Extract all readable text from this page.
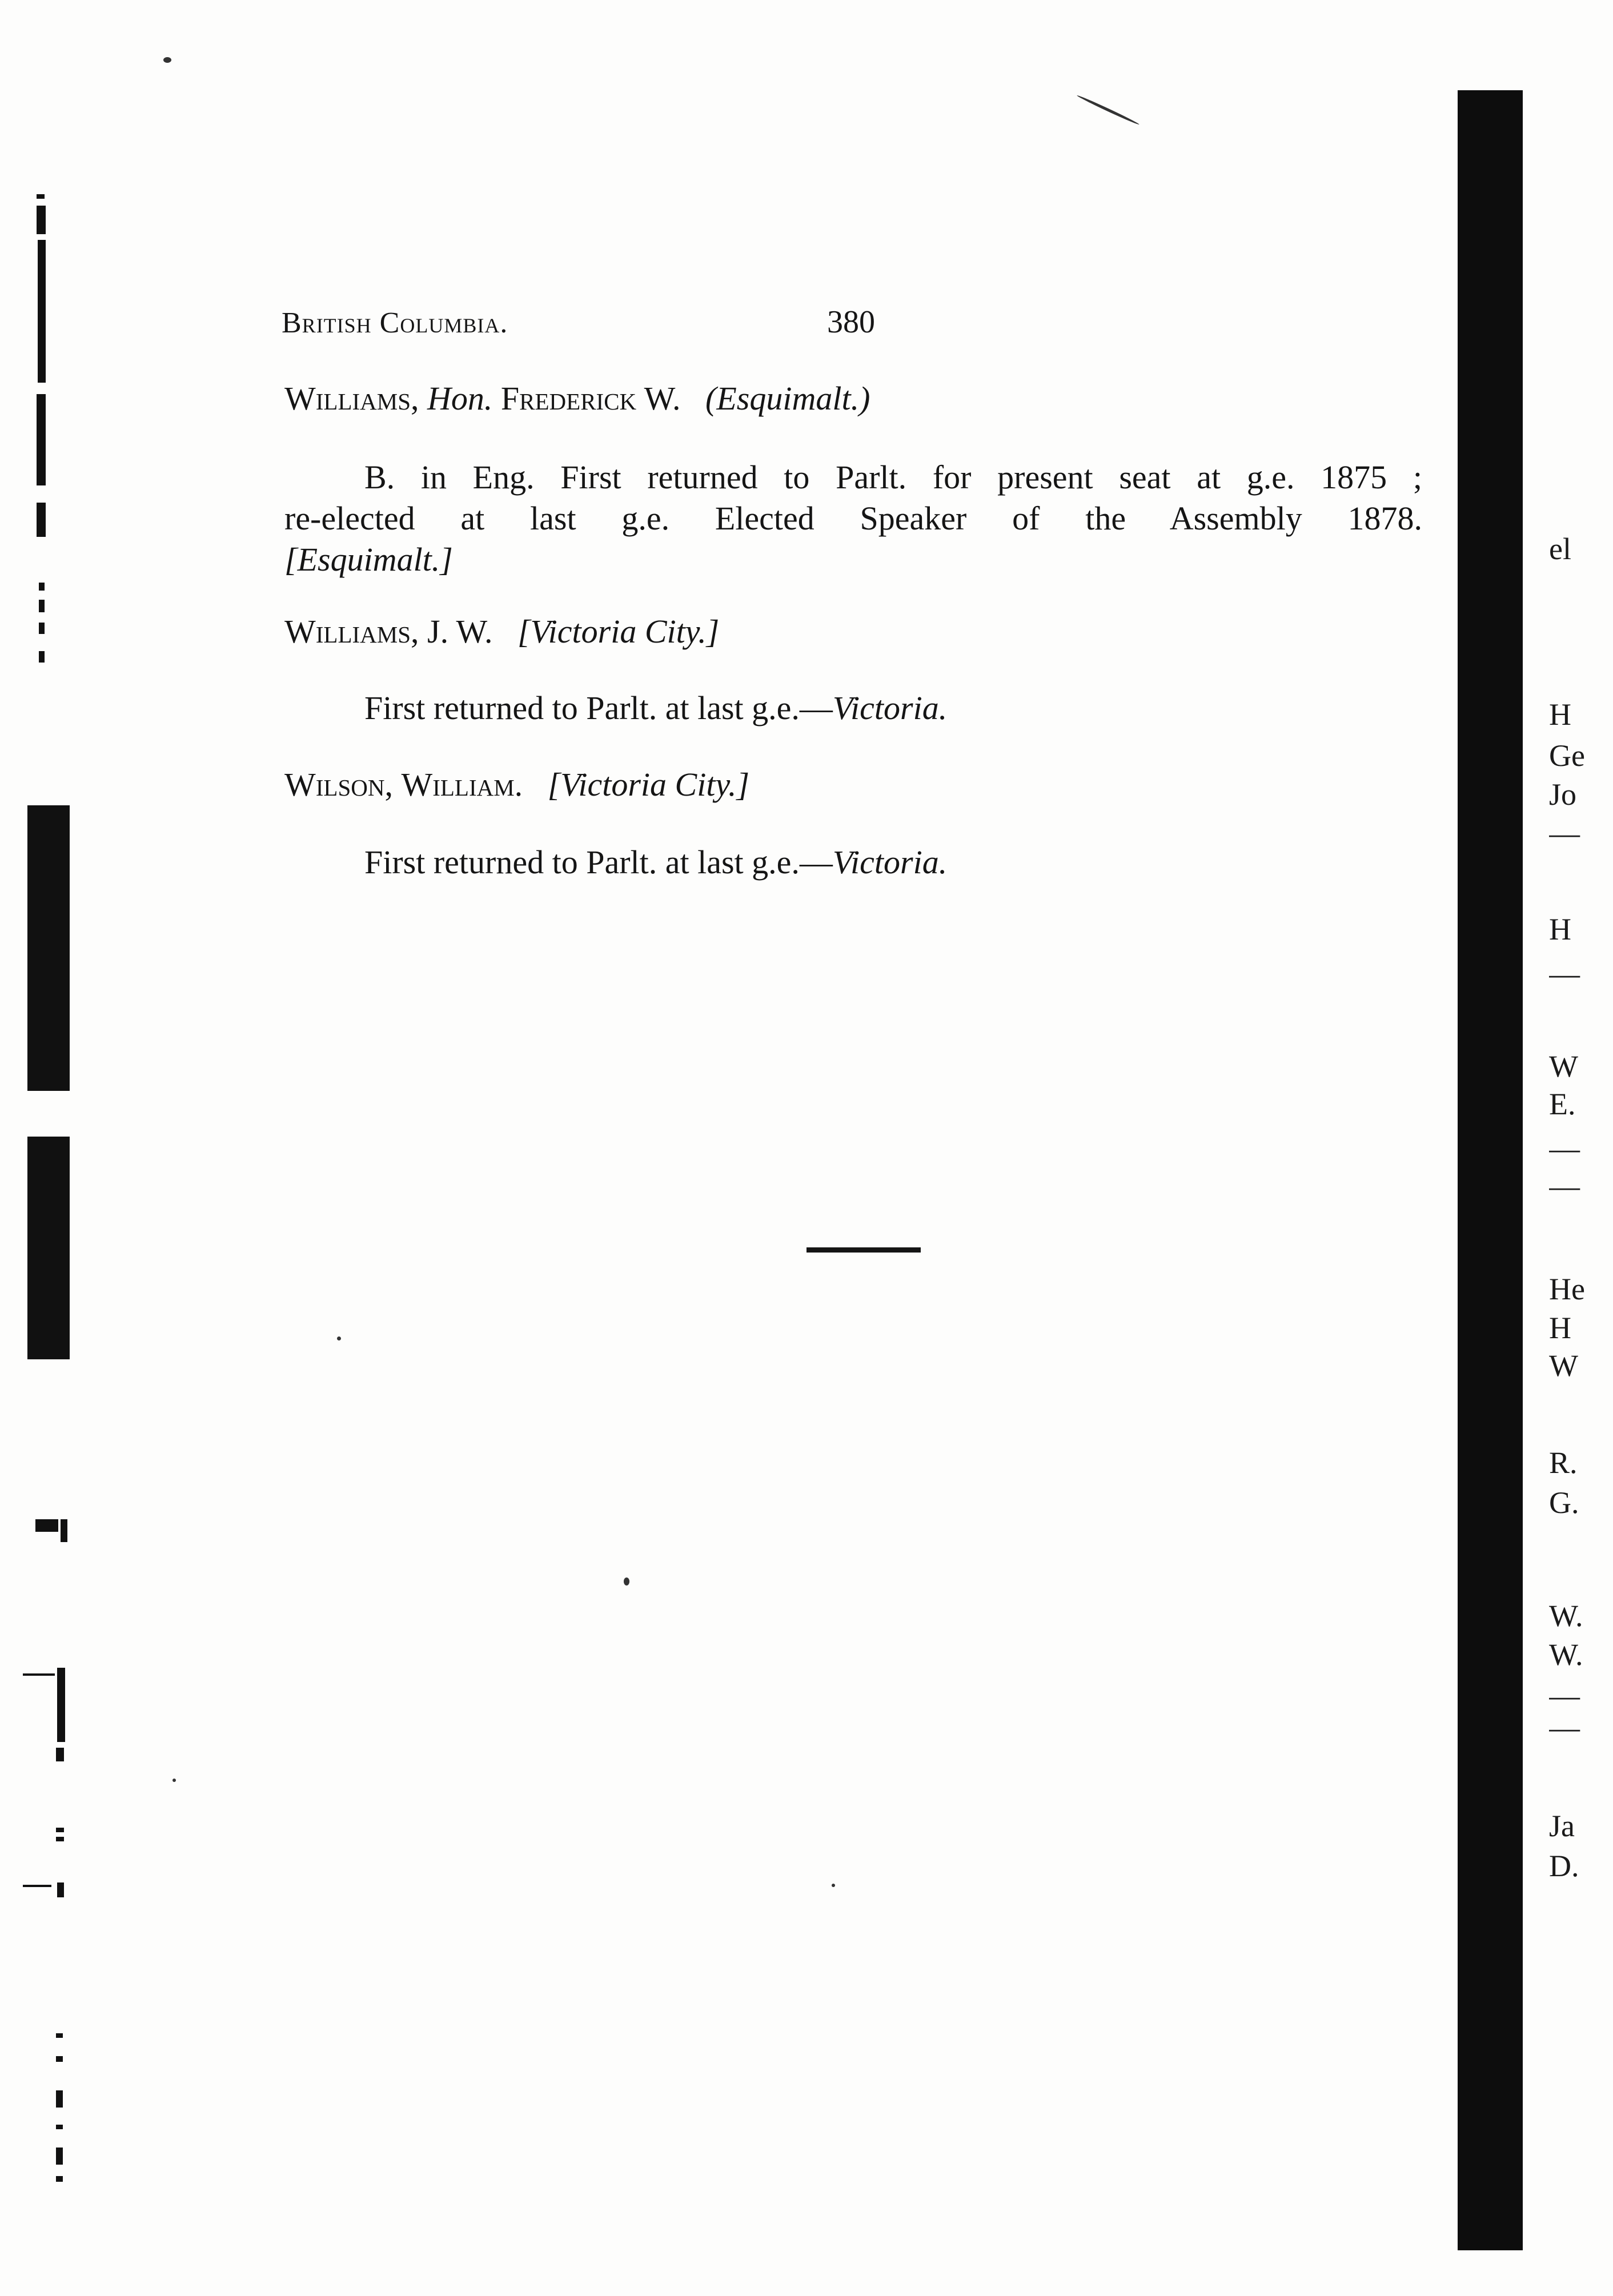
British Columbia.	380
Williams, Hon. Frederick W. (Esquimalt.)
B. in Eng. First returned to Parlt. for present seat at g.e. 1875 ;
re-elected at last g.e. Elected Speaker of the Assembly 1878.
[Esquimalt.]
Williams, J. W. [Victoria City.]
First returned to Parlt. at last g.e.—Victoria.
Wilson, William. [Victoria City.]
First returned to Parlt. at last g.e.—Victoria.
el
H
Ge
Jo
—
H
—
W
E.
—
—
He
H
W
R.
G.
W.
W.
—
—
Ja
D.
